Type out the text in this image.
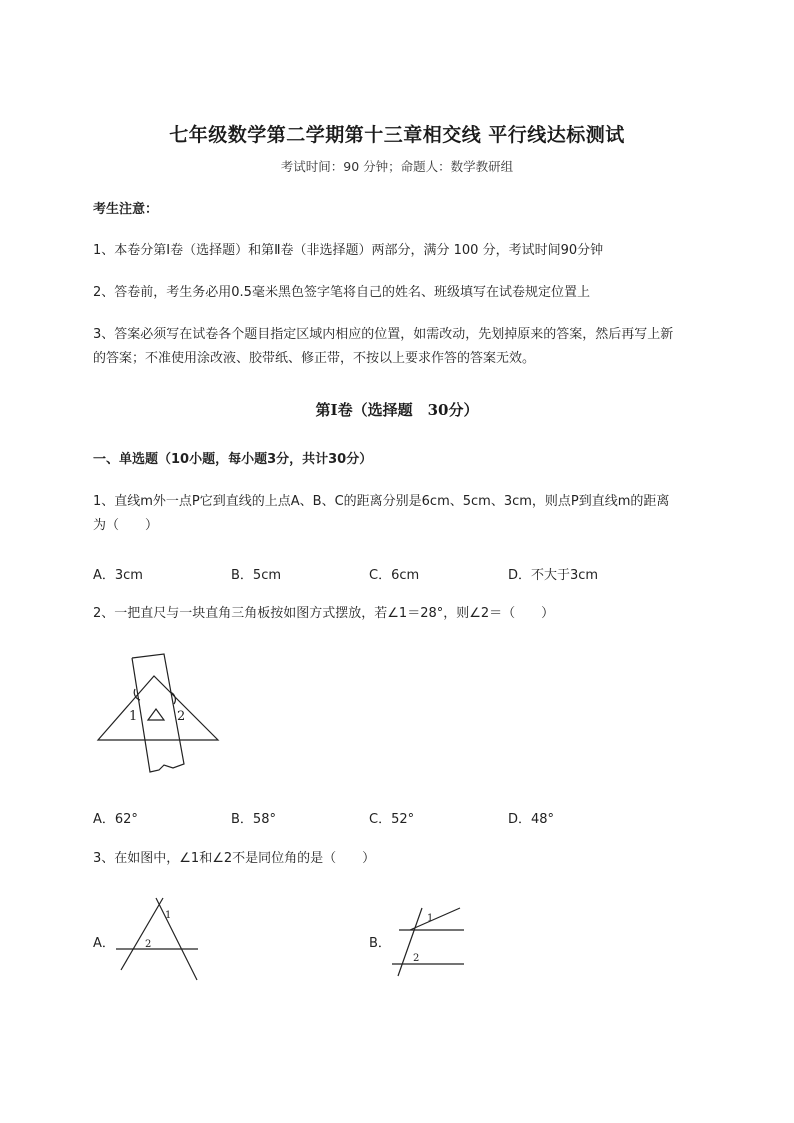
七年级数学第二学期第十三章相交线 平行线达标测试
考试时间：90 分钟；命题人：数学教研组
考生注意：
1、本卷分第Ⅰ卷（选择题）和第Ⅱ卷（非选择题）两部分，满分 100 分，考试时间90分钟
2、答卷前，考生务必用0.5毫米黑色签字笔将自己的姓名、班级填写在试卷规定位置上
3、答案必须写在试卷各个题目指定区域内相应的位置，如需改动，先划掉原来的答案，然后再写上新
的答案；不准使用涂改液、胶带纸、修正带，不按以上要求作答的答案无效。
第Ⅰ卷（选择题　30分）
一、单选题（10小题，每小题3分，共计30分）
1、直线m外一点P它到直线的上点A、B、C的距离分别是6cm、5cm、3cm，则点P到直线m的距离
为（　　）
A．3cm	B．5cm	C．6cm	D．不大于3cm
2、一把直尺与一块直角三角板按如图方式摆放，若∠1＝28°，则∠2＝（　　）
1	2
A．62°	B．58°	C．52°	D．48°
3、在如图中，∠1和∠2不是同位角的是（　　）
A．
1
2	B．
1
2
